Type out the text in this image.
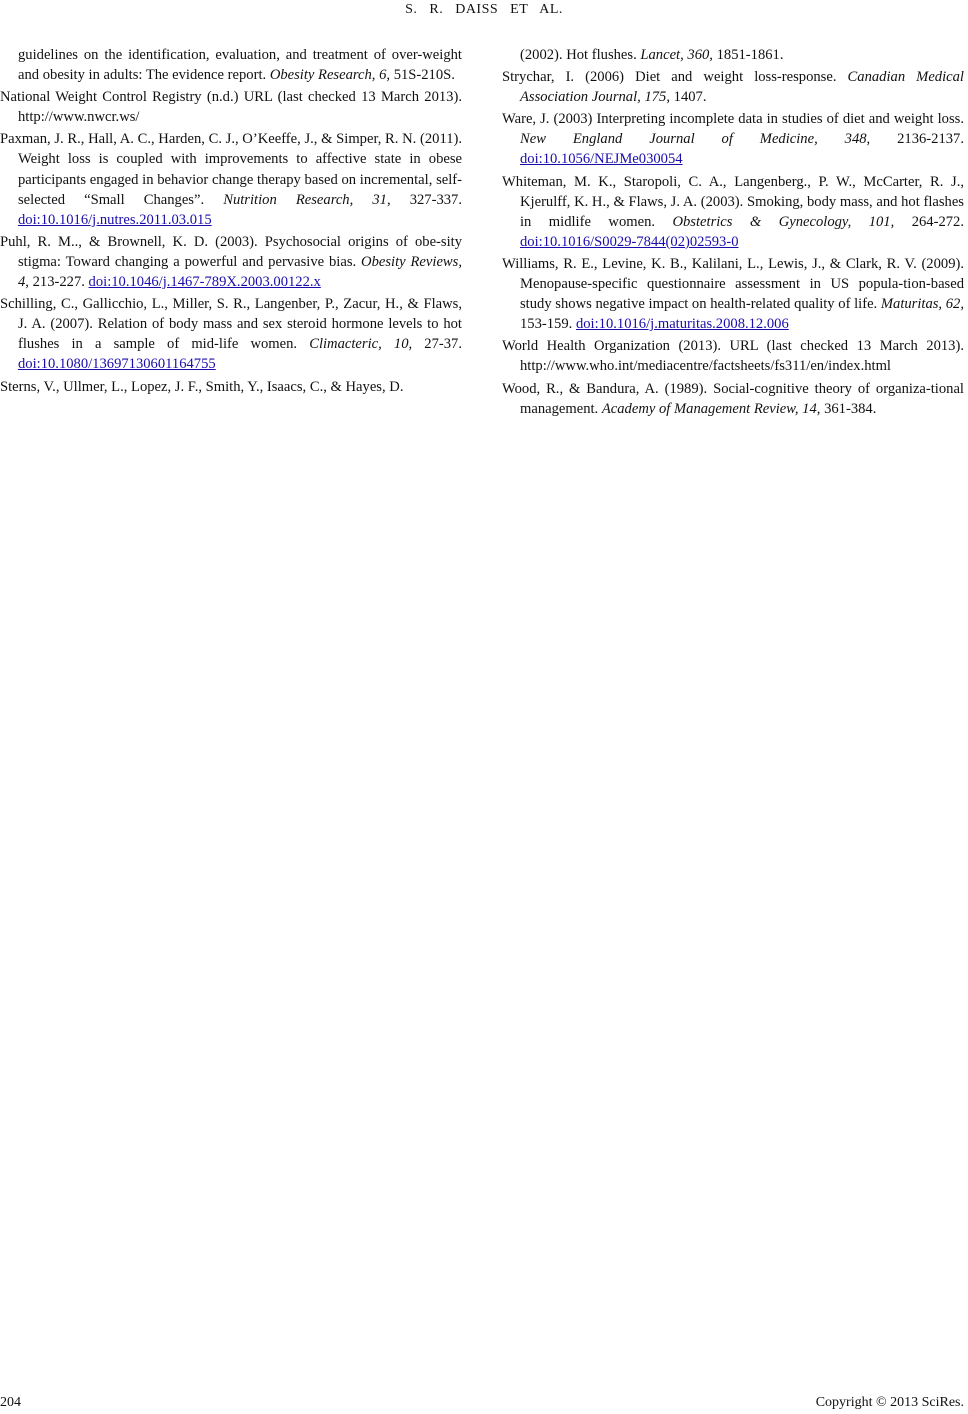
S. R. DAISS ET AL.

guidelines on the identification, evaluation, and treatment of over-weight and obesity in adults: The evidence report. Obesity Research, 6, 51S-210S.

National Weight Control Registry (n.d.) URL (last checked 13 March 2013). http://www.nwcr.ws/

Paxman, J. R., Hall, A. C., Harden, C. J., O’Keeffe, J., & Simper, R. N. (2011). Weight loss is coupled with improvements to affective state in obese participants engaged in behavior change therapy based on incremental, self-selected “Small Changes”. Nutrition Research, 31, 327-337. doi:10.1016/j.nutres.2011.03.015

Puhl, R. M.., & Brownell, K. D. (2003). Psychosocial origins of obe-sity stigma: Toward changing a powerful and pervasive bias. Obesity Reviews, 4, 213-227. doi:10.1046/j.1467-789X.2003.00122.x

Schilling, C., Gallicchio, L., Miller, S. R., Langenber, P., Zacur, H., & Flaws, J. A. (2007). Relation of body mass and sex steroid hormone levels to hot flushes in a sample of mid-life women. Climacteric, 10, 27-37. doi:10.1080/13697130601164755

Sterns, V., Ullmer, L., Lopez, J. F., Smith, Y., Isaacs, C., & Hayes, D.

(2002). Hot flushes. Lancet, 360, 1851-1861.

Strychar, I. (2006) Diet and weight loss-response. Canadian Medical Association Journal, 175, 1407.

Ware, J. (2003) Interpreting incomplete data in studies of diet and weight loss. New England Journal of Medicine, 348, 2136-2137. doi:10.1056/NEJMe030054

Whiteman, M. K., Staropoli, C. A., Langenberg., P. W., McCarter, R. J., Kjerulff, K. H., & Flaws, J. A. (2003). Smoking, body mass, and hot flashes in midlife women. Obstetrics & Gynecology, 101, 264-272. doi:10.1016/S0029-7844(02)02593-0

Williams, R. E., Levine, K. B., Kalilani, L., Lewis, J., & Clark, R. V. (2009). Menopause-specific questionnaire assessment in US popula-tion-based study shows negative impact on health-related quality of life. Maturitas, 62, 153-159. doi:10.1016/j.maturitas.2008.12.006

World Health Organization (2013). URL (last checked 13 March 2013). http://www.who.int/mediacentre/factsheets/fs311/en/index.html

Wood, R., & Bandura, A. (1989). Social-cognitive theory of organiza-tional management. Academy of Management Review, 14, 361-384.

204	Copyright © 2013 SciRes.
